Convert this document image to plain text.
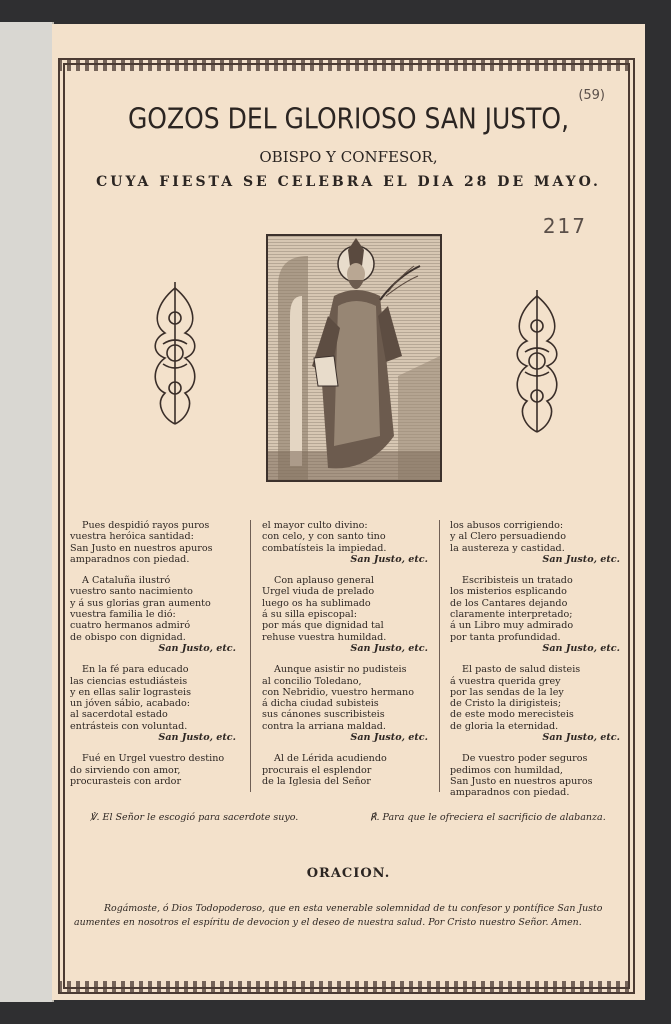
(59)
217
GOZOS DEL GLORIOSO SAN JUSTO,
OBISPO Y CONFESOR,
CUYA FIESTA SE CELEBRA EL DIA 28 DE MAYO.
Pues despidió rayos puros
vuestra heróica santidad:
San Justo en nuestros apuros
amparadnos con piedad.
A Cataluña ilustró
vuestro santo nacimiento
y á sus glorias gran aumento
vuestra familia le dió:
cuatro hermanos admiró
de obispo con dignidad.
San Justo, etc.
En la fé para educado
las ciencias estudiásteis
y en ellas salir lograsteis
un jóven sábio, acabado:
al sacerdotal estado
entrásteis con voluntad.
San Justo, etc.
Fué en Urgel vuestro destino
do sirviendo con amor,
procurasteis con ardor
el mayor culto divino:
con celo, y con santo tino
combatísteis la impiedad.
San Justo, etc.
Con aplauso general
Urgel viuda de prelado
luego os ha sublimado
á su silla episcopal:
por más que dignidad tal
rehuse vuestra humildad.
San Justo, etc.
Aunque asistir no pudisteis
al concilio Toledano,
con Nebridio, vuestro hermano
á dicha ciudad subisteis
sus cánones suscribisteis
contra la arriana maldad.
San Justo, etc.
Al de Lérida acudiendo
procurais el esplendor
de la Iglesia del Señor
los abusos corrigiendo:
y al Clero persuadiendo
la austereza y castidad.
San Justo, etc.
Escribisteis un tratado
los misterios esplicando
de los Cantares dejando
claramente interpretado;
á un Libro muy admirado
por tanta profundidad.
San Justo, etc.
El pasto de salud disteis
á vuestra querida grey
por las sendas de la ley
de Cristo la dirigisteis;
de este modo merecisteis
de gloria la eternidad.
San Justo, etc.
De vuestro poder seguros
pedimos con humildad,
San Justo en nuestros apuros
amparadnos con piedad.
℣. El Señor le escogió para sacerdote suyo.	℟. Para que le ofreciera el sacrificio de alabanza.
ORACION.
Rogámoste, ó Dios Todopoderoso, que en esta venerable solemnidad de tu confesor y pontífice San Justo aumentes en nosotros el espíritu de devocion y el deseo de nuestra salud. Por Cristo nuestro Señor. Amen.
